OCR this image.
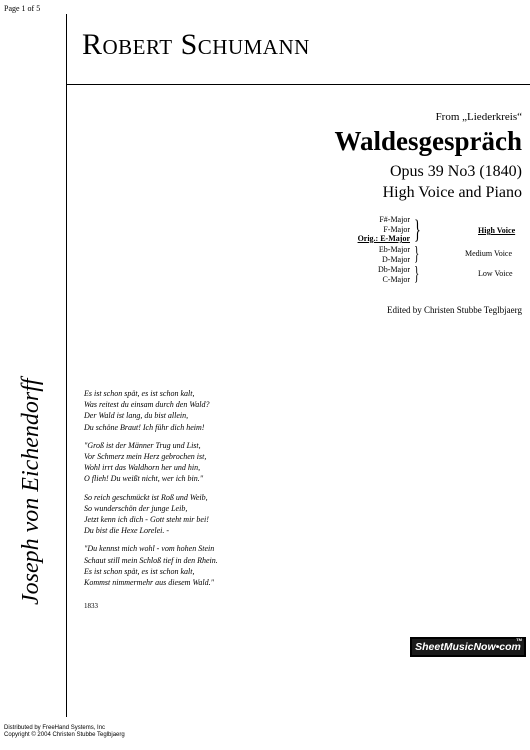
Page 1 of 5
Robert Schumann
From „Liederkreis“
Waldesgespräch
Opus 39 No3 (1840)
High Voice and Piano
F#-Major
F-Major
Orig.: E-Major }	High Voice
Eb-Major
D-Major }	Medium Voice
Db-Major
C-Major }	Low Voice
Edited by Christen Stubbe Teglbjaerg
Joseph von Eichendorff	Es ist schon spät, es ist schon kalt,
Was reitest du einsam durch den Wald?
Der Wald ist lang, du bist allein,
Du schöne Braut! Ich führ dich heim!
"Groß ist der Männer Trug und List,
Vor Schmerz mein Herz gebrochen ist,
Wohl irrt das Waldhorn her und hin,
O flieh! Du weißt nicht, wer ich bin."
So reich geschmückt ist Roß und Weib,
So wunderschön der junge Leib,
Jetzt kenn ich dich - Gott steht mir bei!
Du bist die Hexe Lorelei. -
"Du kennst mich wohl - vom hohen Stein
Schaut still mein Schloß tief in den Rhein.
Es ist schon spät, es ist schon kalt,
Kommst nimmermehr aus diesem Wald."
1833
SheetMusicNow•com
TM
Distributed by FreeHand Systems, Inc
Copyright © 2004 Christen Stubbe Teglbjaerg
